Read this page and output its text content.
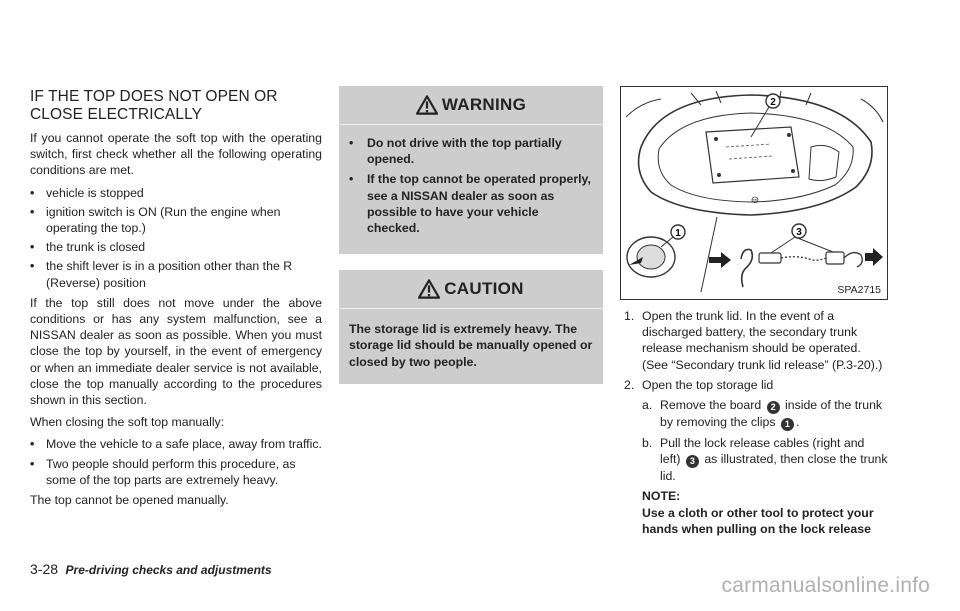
IF THE TOP DOES NOT OPEN OR
CLOSE ELECTRICALLY

If you cannot operate the soft top with the operating switch, first check whether all the following operating conditions are met.

• vehicle is stopped
• ignition switch is ON (Run the engine when operating the top.)
• the trunk is closed
• the shift lever is in a position other than the R (Reverse) position

If the top still does not move under the above conditions or has any system malfunction, see a NISSAN dealer as soon as possible. When you must close the top by yourself, in the event of emergency or when an immediate dealer service is not available, close the top manually according to the procedures shown in this section.

When closing the soft top manually:

• Move the vehicle to a safe place, away from traffic.
• Two people should perform this procedure, as some of the top parts are extremely heavy.

The top cannot be opened manually.

WARNING
• Do not drive with the top partially opened.
• If the top cannot be operated properly, see a NISSAN dealer as soon as possible to have your vehicle checked.
CAUTION

The storage lid is extremely heavy. The storage lid should be manually opened or closed by two people.

2
⊖
1	3
SPA2715
1. Open the trunk lid. In the event of a discharged battery, the secondary trunk release mechanism should be operated. (See “Secondary trunk lid release” (P.3-20).)
2. Open the top storage lid
a. Remove the board 2 inside of the trunk by removing the clips 1 .
b. Pull the lock release cables (right and left) 3 as illustrated, then close the trunk lid.
NOTE:
Use a cloth or other tool to protect your hands when pulling on the lock release
3-28 Pre-driving checks and adjustments
carmanualsonline.info
